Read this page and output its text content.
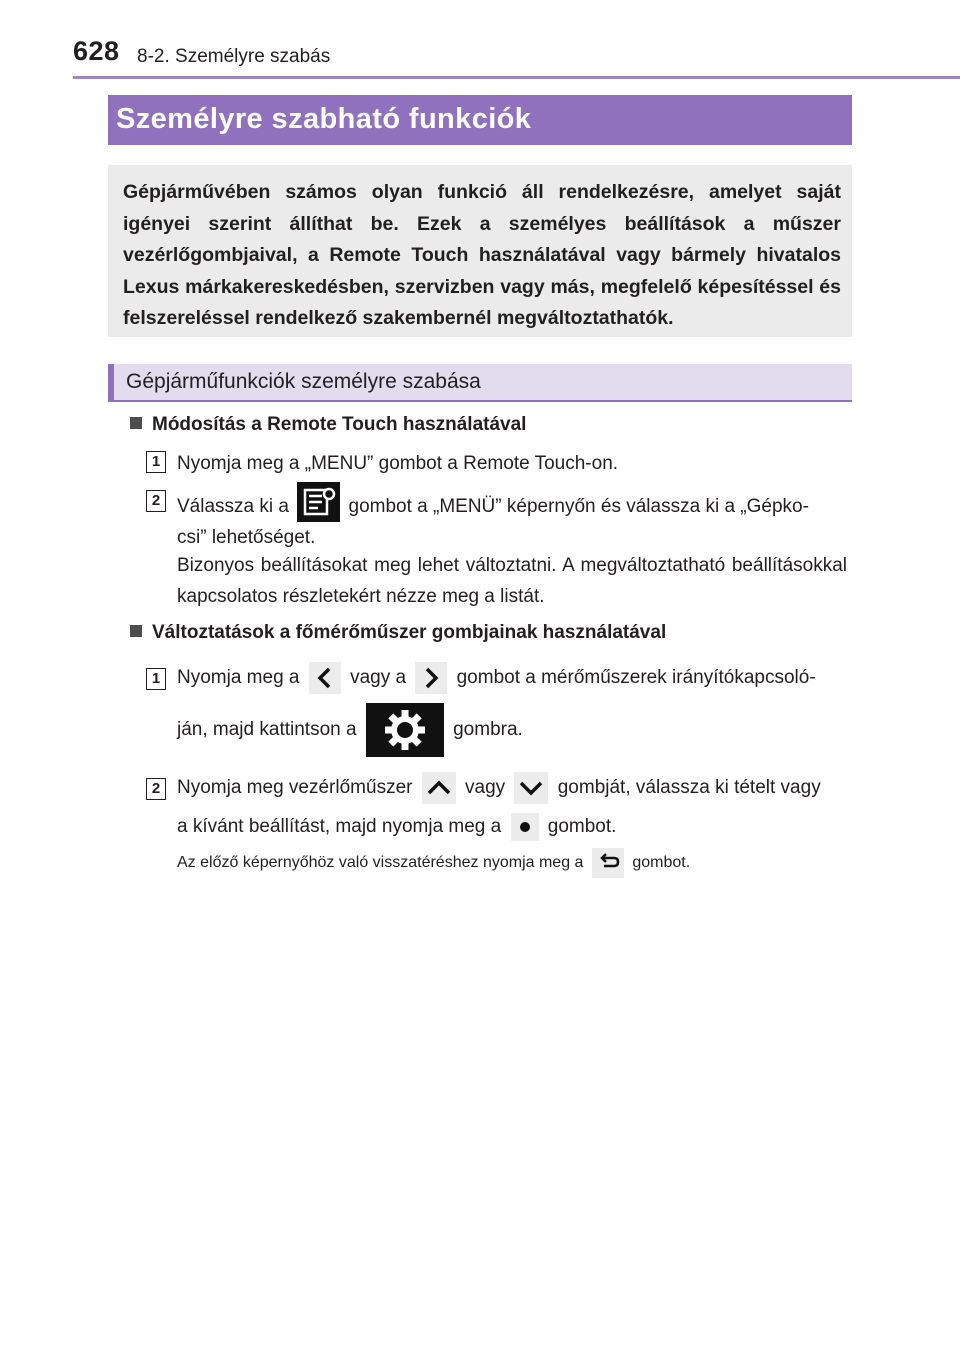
628 8-2. Személyre szabás
Személyre szabható funkciók
Gépjárművében számos olyan funkció áll rendelkezésre, amelyet saját igényei szerint állíthat be. Ezek a személyes beállítások a műszer vezérlőgombjaival, a Remote Touch használatával vagy bármely hivatalos Lexus márkakereskedésben, szervizben vagy más, megfelelő képesítéssel és felszereléssel rendelkező szakembernél megváltoztathatók.
Gépjárműfunkciók személyre szabása
Módosítás a Remote Touch használatával
1 Nyomja meg a „MENU” gombot a Remote Touch-on.
2 Válassza ki a	gombot a „MENÜ” képernyőn és válassza ki a „Gépko-
csi” lehetőséget.
Bizonyos beállításokat meg lehet változtatni. A megváltoztatható beállításokkal kapcsolatos részletekért nézze meg a listát.
Változtatások a főmérőműszer gombjainak használatával
1 Nyomja meg a	vagy a	gombot a mérőműszerek irányítókapcsoló-
ján, majd kattintson a	gombra.
2 Nyomja meg vezérlőműszer	vagy	gombját, válassza ki tételt vagy
a kívánt beállítást, majd nyomja meg a gombot.
Az előző képernyőhöz való visszatéréshez nyomja meg a	gombot.
